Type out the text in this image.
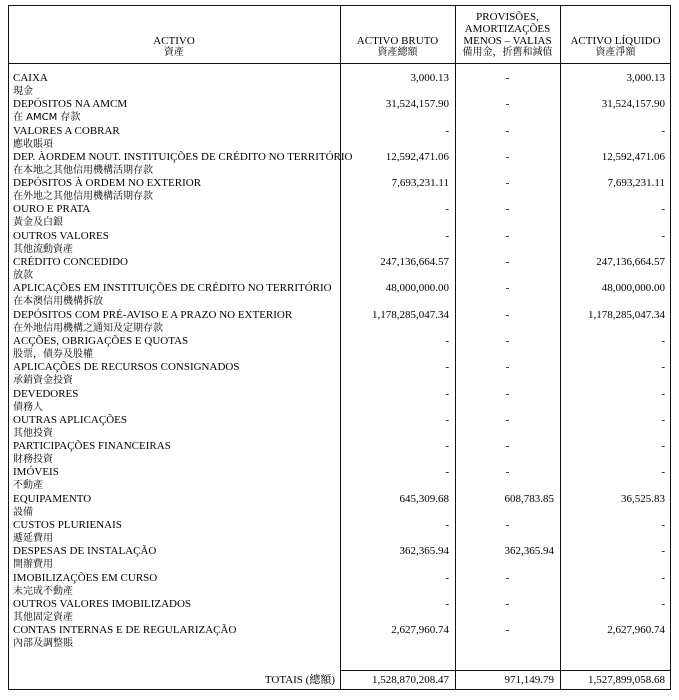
ACTIVO
資產
ACTIVO BRUTO
資產總額
PROVISÕES,
AMORTIZAÇÕES
MENOS – VALIAS
備用金，折舊和減值
ACTIVO LÍQUIDO
資產淨額
CAIXA
現金
3,000.13	-	3,000.13
DEPÓSITOS NA AMCM
在 AMCM 存款
31,524,157.90	-	31,524,157.90
VALORES A COBRAR
應收賬項
-	-	-
DEP. ÀORDEM NOUT. INSTITUIÇÕES DE CRÉDITO NO TERRITÓRIO
在本地之其他信用機構活期存款
12,592,471.06	-	12,592,471.06
DEPÓSITOS À ORDEM NO EXTERIOR
在外地之其他信用機構活期存款
7,693,231.11	-	7,693,231.11
OURO E PRATA
黃金及白銀
-	-	-
OUTROS VALORES
其他流動資產
-	-	-
CRÉDITO CONCEDIDO
放款
247,136,664.57	-	247,136,664.57
APLICAÇÕES EM INSTITUIÇÕES DE CRÉDITO NO TERRITÓRIO
在本澳信用機構拆放
48,000,000.00	-	48,000,000.00
DEPÓSITOS COM PRÉ-AVISO E A PRAZO NO EXTERIOR
在外地信用機構之通知及定期存款
1,178,285,047.34	-	1,178,285,047.34
ACÇÕES, OBRIGAÇÕES E QUOTAS
股票，債券及股權
-	-	-
APLICAÇÕES DE RECURSOS CONSIGNADOS
承銷資金投資
-	-	-
DEVEDORES
債務人
-	-	-
OUTRAS APLICAÇÕES
其他投資
-	-	-
PARTICIPAÇÕES FINANCEIRAS
財務投資
-	-	-
IMÓVEIS
不動產
-	-	-
EQUIPAMENTO
設備
645,309.68	608,783.85	36,525.83
CUSTOS PLURIENAIS
遞延費用
-	-	-
DESPESAS DE INSTALAÇÃO
開辦費用
362,365.94	362,365.94	-
IMOBILIZAÇÕES EM CURSO
未完成不動產
-	-	-
OUTROS VALORES IMOBILIZADOS
其他固定資產
-	-	-
CONTAS INTERNAS E DE REGULARIZAÇÃO
內部及調整賬
2,627,960.74	-	2,627,960.74
TOTAIS (總額)	1,528,870,208.47	971,149.79	1,527,899,058.68
